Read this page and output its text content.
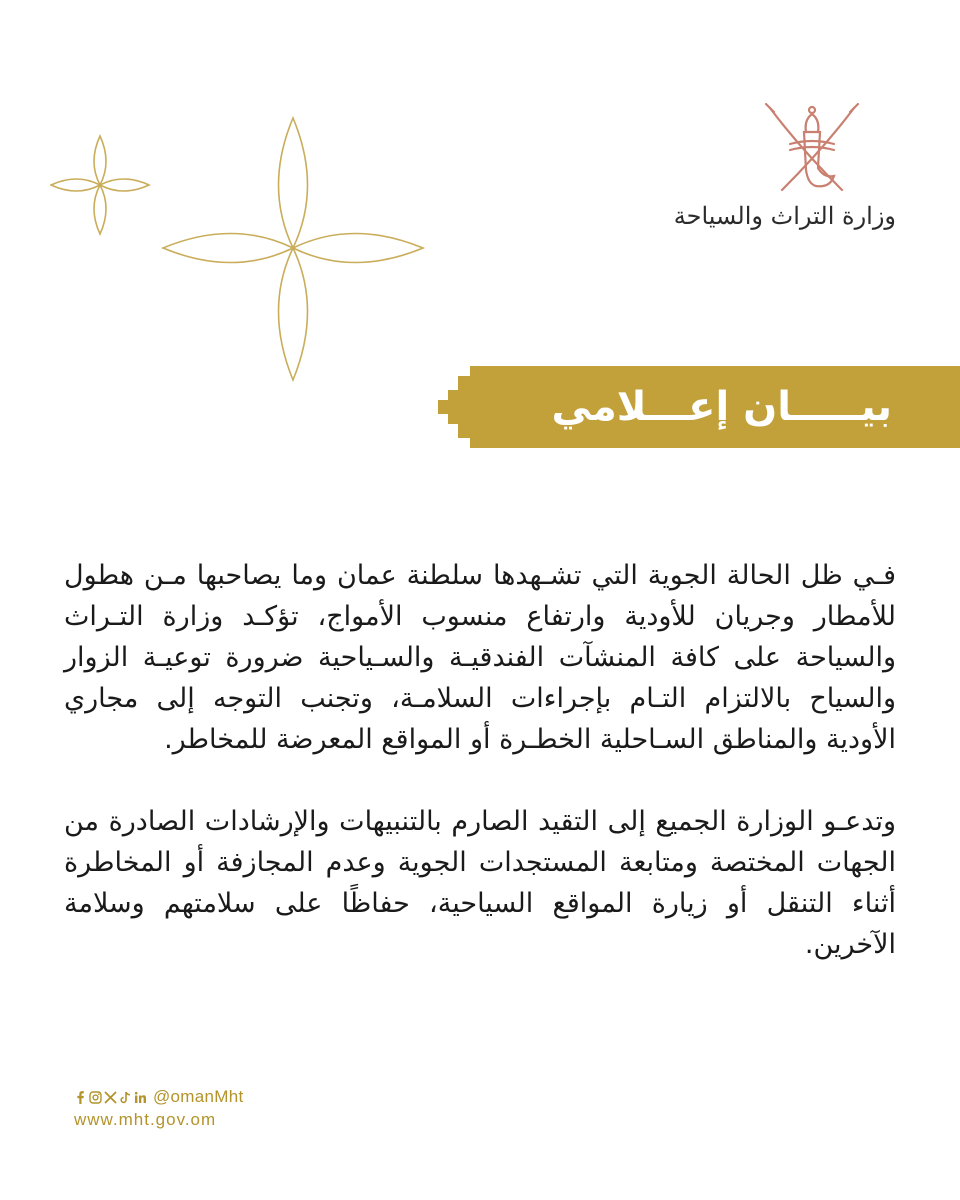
وزارة التراث والسياحة
بيـــــان إعـــلامي

فـي ظل الحالة الجوية التي تشـهدها سلطنة عمان وما يصاحبها مـن هطول للأمطار وجريان للأودية وارتفاع منسوب الأمواج، تؤكـد وزارة التـراث والسياحة على كافة المنشآت الفندقيـة والسـياحية ضرورة توعيـة الزوار والسياح بالالتزام التـام بإجراءات السلامـة، وتجنب التوجه إلى مجاري الأودية والمناطق السـاحلية الخطـرة أو المواقع المعرضة للمخاطر.

وتدعـو الوزارة الجميع إلى التقيد الصارم بالتنبيهات والإرشادات الصادرة من الجهات المختصة ومتابعة المستجدات الجوية وعدم المجازفة أو المخاطرة أثناء التنقل أو زيارة المواقع السياحية، حفاظًا على سلامتهم وسلامة الآخرين.

@omanMht
www.mht.gov.om
